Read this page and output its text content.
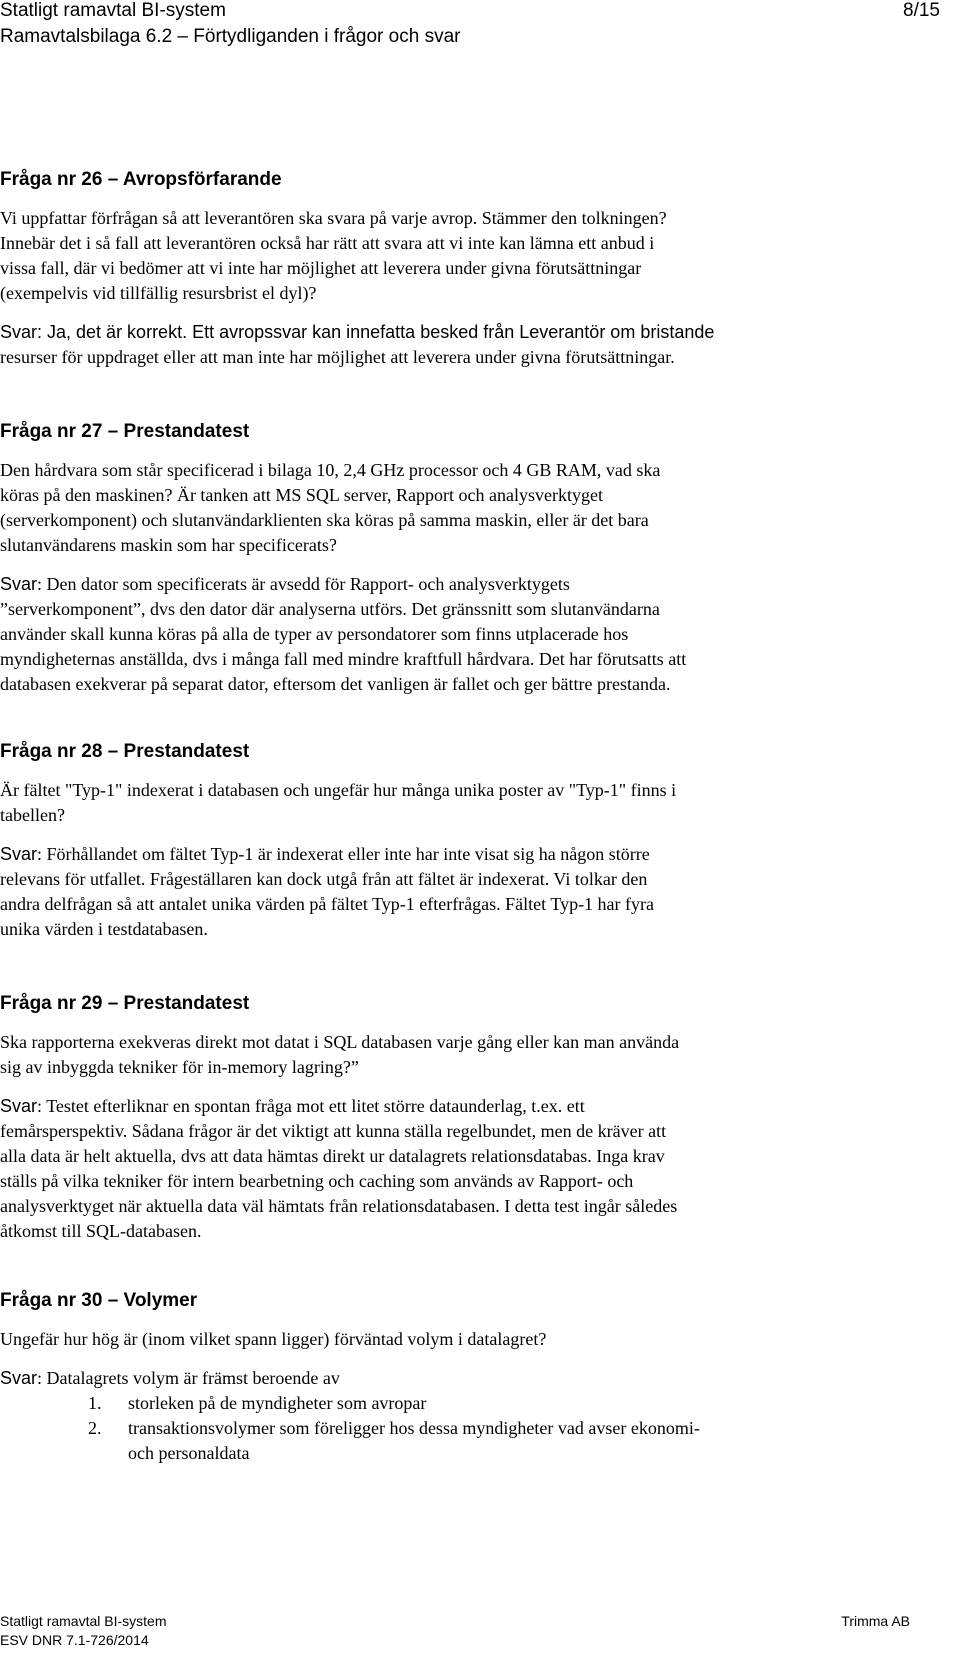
Statligt ramavtal BI-system	8/15
Ramavtalsbilaga 6.2 – Förtydliganden i frågor och svar

Fråga nr 26 – Avropsförfarande

Vi uppfattar förfrågan så att leverantören ska svara på varje avrop. Stämmer den tolkningen?
Innebär det i så fall att leverantören också har rätt att svara att vi inte kan lämna ett anbud i
vissa fall, där vi bedömer att vi inte har möjlighet att leverera under givna förutsättningar
(exempelvis vid tillfällig resursbrist el dyl)?

Svar: Ja, det är korrekt. Ett avropssvar kan innefatta besked från Leverantör om bristande
resurser för uppdraget eller att man inte har möjlighet att leverera under givna förutsättningar.

Fråga nr 27 – Prestandatest

Den hårdvara som står specificerad i bilaga 10, 2,4 GHz processor och 4 GB RAM, vad ska
köras på den maskinen? Är tanken att MS SQL server, Rapport och analysverktyget
(serverkomponent) och slutanvändarklienten ska köras på samma maskin, eller är det bara
slutanvändarens maskin som har specificerats?

Svar: Den dator som specificerats är avsedd för Rapport- och analysverktygets
”serverkomponent”, dvs den dator där analyserna utförs. Det gränssnitt som slutanvändarna
använder skall kunna köras på alla de typer av persondatorer som finns utplacerade hos
myndigheternas anställda, dvs i många fall med mindre kraftfull hårdvara. Det har förutsatts att
databasen exekverar på separat dator, eftersom det vanligen är fallet och ger bättre prestanda.

Fråga nr 28 – Prestandatest

Är fältet "Typ-1" indexerat i databasen och ungefär hur många unika poster av "Typ-1" finns i
tabellen?

Svar: Förhållandet om fältet Typ-1 är indexerat eller inte har inte visat sig ha någon större
relevans för utfallet. Frågeställaren kan dock utgå från att fältet är indexerat. Vi tolkar den
andra delfrågan så att antalet unika värden på fältet Typ-1 efterfrågas. Fältet Typ-1 har fyra
unika värden i testdatabasen.

Fråga nr 29 – Prestandatest

Ska rapporterna exekveras direkt mot datat i SQL databasen varje gång eller kan man använda
sig av inbyggda tekniker för in-memory lagring?”

Svar: Testet efterliknar en spontan fråga mot ett litet större dataunderlag, t.ex. ett
femårsperspektiv. Sådana frågor är det viktigt att kunna ställa regelbundet, men de kräver att
alla data är helt aktuella, dvs att data hämtas direkt ur datalagrets relationsdatabas. Inga krav
ställs på vilka tekniker för intern bearbetning och caching som används av Rapport- och
analysverktyget när aktuella data väl hämtats från relationsdatabasen. I detta test ingår således
åtkomst till SQL-databasen.

Fråga nr 30 – Volymer

Ungefär hur hög är (inom vilket spann ligger) förväntad volym i datalagret?

Svar: Datalagrets volym är främst beroende av

1. storleken på de myndigheter som avropar
2. transaktionsvolymer som föreligger hos dessa myndigheter vad avser ekonomi-
och personaldata
Statligt ramavtal BI-system	Trimma AB
ESV DNR 7.1-726/2014
